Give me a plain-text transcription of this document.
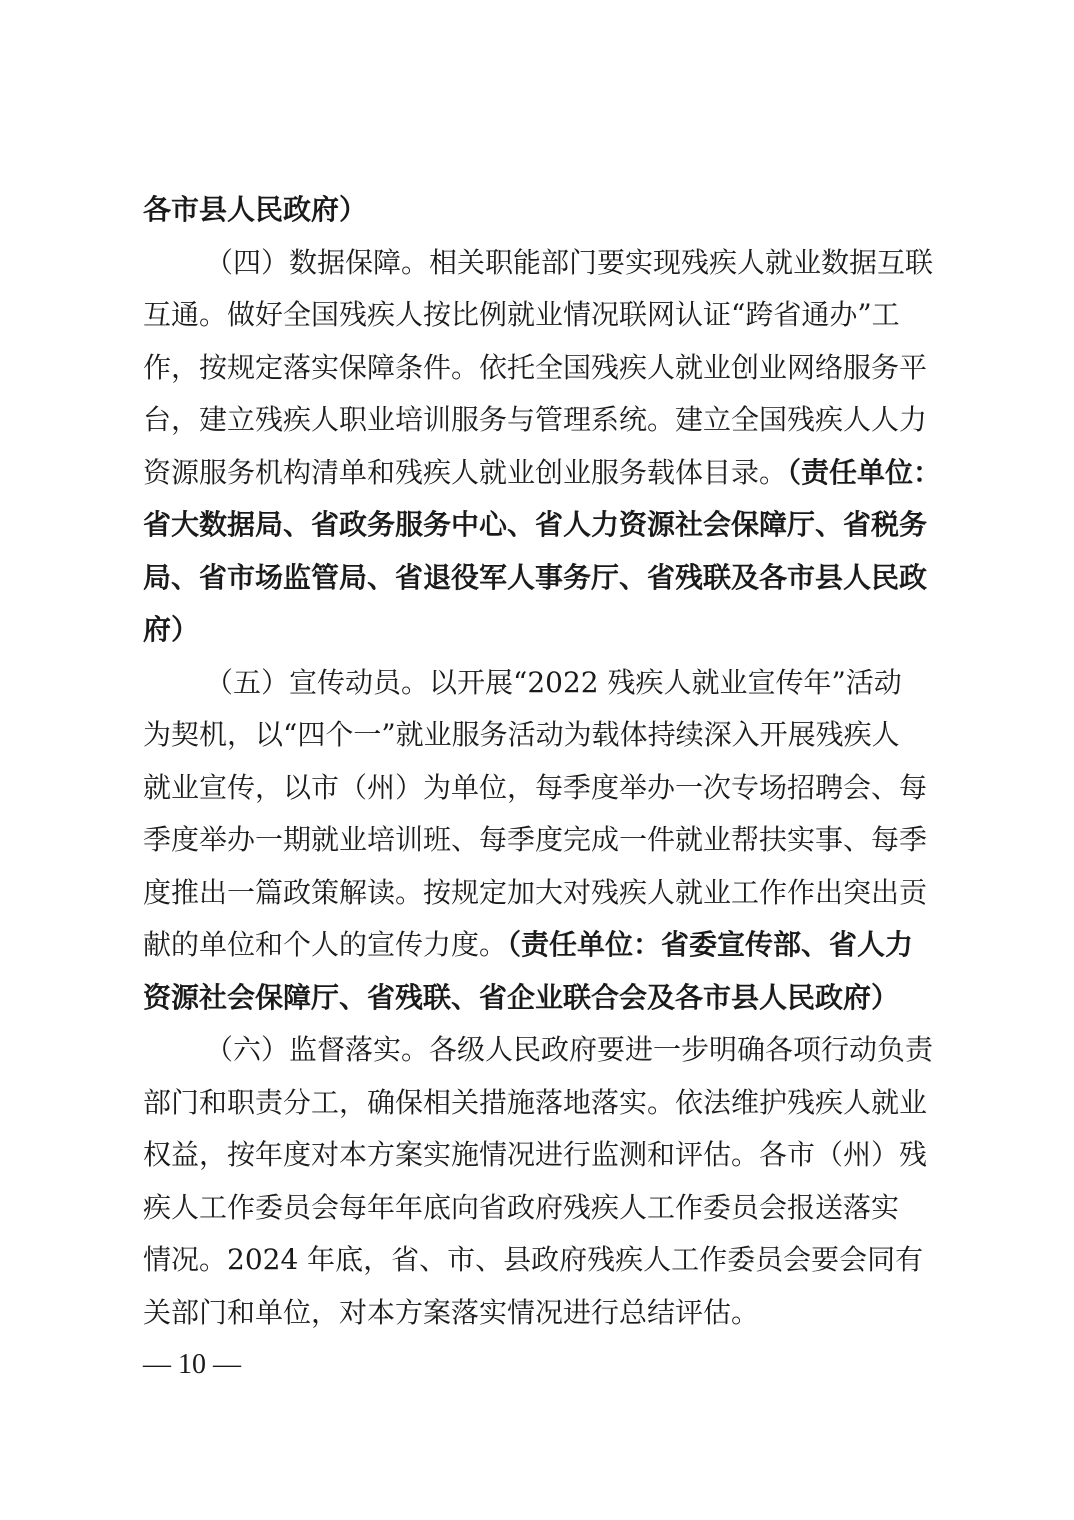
各市县人民政府）
（四）数据保障。相关职能部门要实现残疾人就业数据互联
互通。做好全国残疾人按比例就业情况联网认证“跨省通办”工
作，按规定落实保障条件。依托全国残疾人就业创业网络服务平
台，建立残疾人职业培训服务与管理系统。建立全国残疾人人力
资源服务机构清单和残疾人就业创业服务载体目录。（责任单位：
省大数据局、省政务服务中心、省人力资源社会保障厅、省税务
局、省市场监管局、省退役军人事务厅、省残联及各市县人民政
府）
（五）宣传动员。以开展“2022 残疾人就业宣传年”活动
为契机，以“四个一”就业服务活动为载体持续深入开展残疾人
就业宣传，以市（州）为单位，每季度举办一次专场招聘会、每
季度举办一期就业培训班、每季度完成一件就业帮扶实事、每季
度推出一篇政策解读。按规定加大对残疾人就业工作作出突出贡
献的单位和个人的宣传力度。（责任单位：省委宣传部、省人力
资源社会保障厅、省残联、省企业联合会及各市县人民政府）
（六）监督落实。各级人民政府要进一步明确各项行动负责
部门和职责分工，确保相关措施落地落实。依法维护残疾人就业
权益，按年度对本方案实施情况进行监测和评估。各市（州）残
疾人工作委员会每年年底向省政府残疾人工作委员会报送落实
情况。2024 年底，省、市、县政府残疾人工作委员会要会同有
关部门和单位，对本方案落实情况进行总结评估。
— 10 —
